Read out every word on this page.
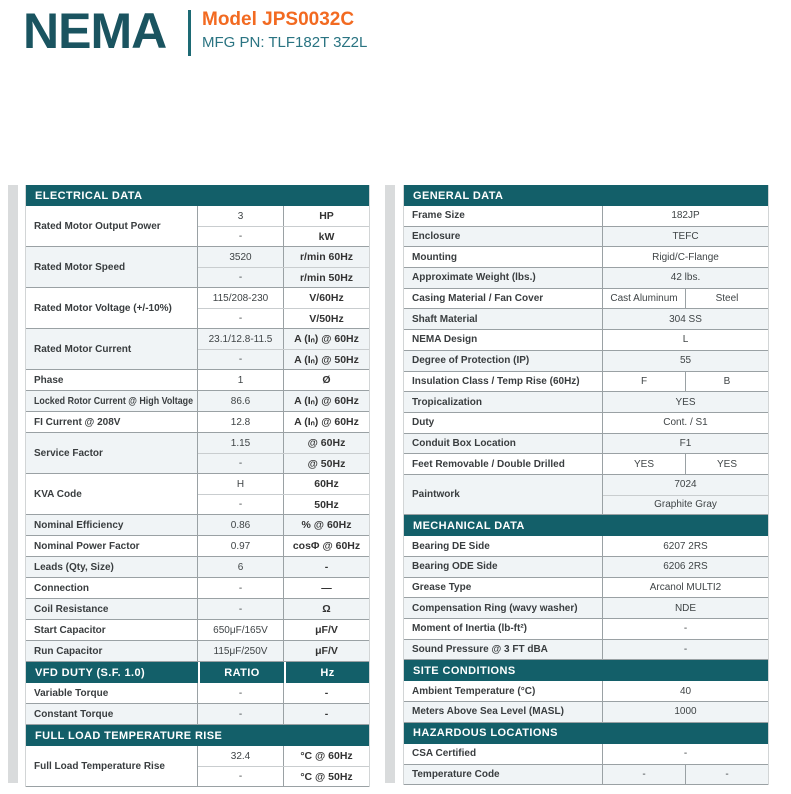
NEMA Model JPS0032C
MFG PN: TLF182T 3Z2L
ELECTRICAL DATA
Rated Motor Output Power
3	HP
-	kW
Rated Motor Speed
3520	r/min 60Hz
-	r/min 50Hz
Rated Motor Voltage (+/-10%)
115/208-230	V/60Hz
-	V/50Hz
Rated Motor Current
23.1/12.8-11.5	A (Iₙ) @ 60Hz
-	A (Iₙ) @ 50Hz
Phase	1	Ø
Locked Rotor Current @ High Voltage	86.6	A (Iₙ) @ 60Hz
FI Current @ 208V	12.8	A (Iₙ) @ 60Hz
Service Factor
1.15	@ 60Hz
-	@ 50Hz
KVA Code
H	60Hz
-	50Hz
Nominal Efficiency	0.86	% @ 60Hz
Nominal Power Factor	0.97	cosΦ @ 60Hz
Leads (Qty, Size)	6	-
Connection	-	—
Coil Resistance	-	Ω
Start Capacitor	650μF/165V	μF/V
Run Capacitor	115μF/250V	μF/V
VFD DUTY (S.F. 1.0)	RATIO	Hz
Variable Torque	-	-
Constant Torque	-	-
FULL LOAD TEMPERATURE RISE
Full Load Temperature Rise
32.4	°C @ 60Hz
-	°C @ 50Hz
GENERAL DATA
Frame Size	182JP
Enclosure	TEFC
Mounting	Rigid/C-Flange
Approximate Weight (lbs.)	42 lbs.
Casing Material / Fan Cover	Cast Aluminum	Steel
Shaft Material	304 SS
NEMA Design	L
Degree of Protection (IP)	55
Insulation Class / Temp Rise (60Hz)	F	B
Tropicalization	YES
Duty	Cont. / S1
Conduit Box Location	F1
Feet Removable / Double Drilled	YES	YES
Paintwork
7024
Graphite Gray
MECHANICAL DATA
Bearing DE Side	6207 2RS
Bearing ODE Side	6206 2RS
Grease Type	Arcanol MULTI2
Compensation Ring (wavy washer)	NDE
Moment of Inertia (lb-ft²)	-
Sound Pressure @ 3 FT dBA	-
SITE CONDITIONS
Ambient Temperature (°C)	40
Meters Above Sea Level (MASL)	1000
HAZARDOUS LOCATIONS
CSA Certified	-
Temperature Code	-	-
